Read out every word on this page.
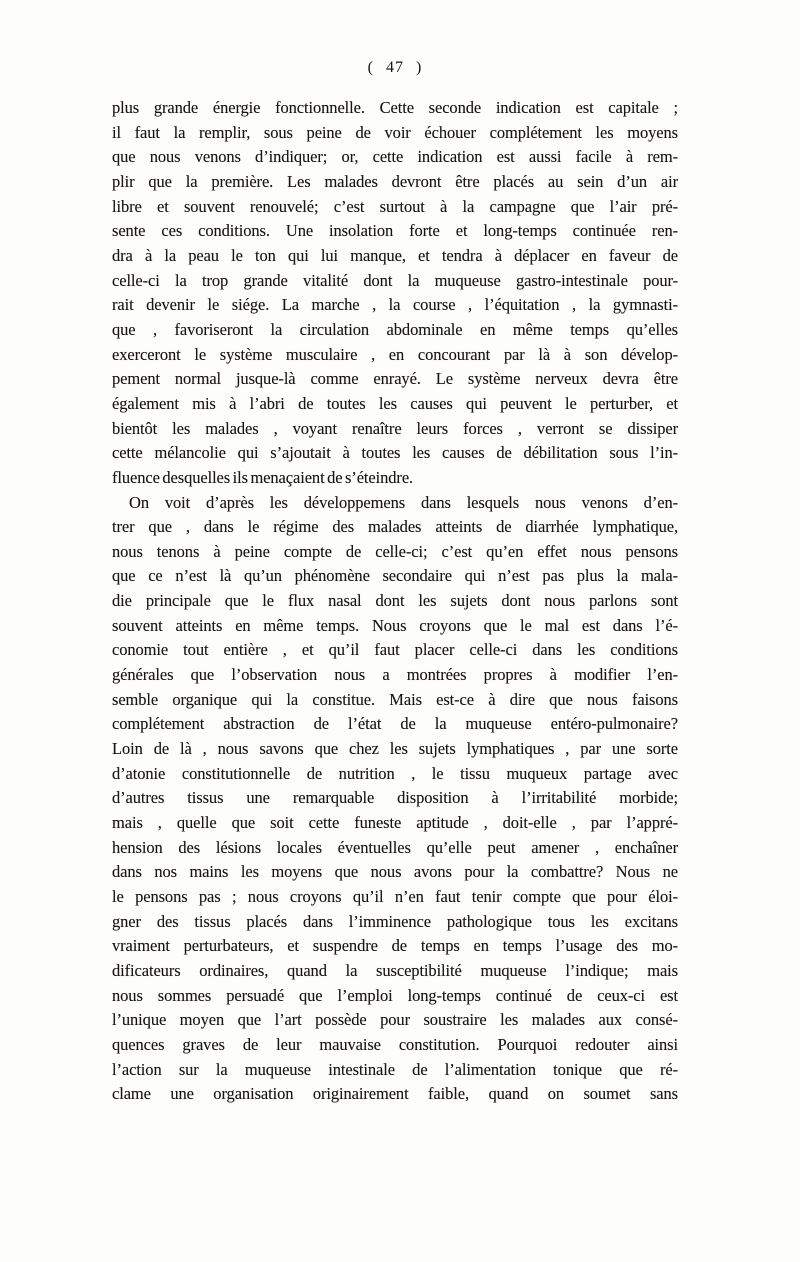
( 47 )
plus grande énergie fonctionnelle. Cette seconde indication est capitale ;
il faut la remplir, sous peine de voir échouer complétement les moyens
que nous venons d’indiquer; or, cette indication est aussi facile à rem-
plir que la première. Les malades devront être placés au sein d’un air
libre et souvent renouvelé; c’est surtout à la campagne que l’air pré-
sente ces conditions. Une insolation forte et long-temps continuée ren-
dra à la peau le ton qui lui manque, et tendra à déplacer en faveur de
celle-ci la trop grande vitalité dont la muqueuse gastro-intestinale pour-
rait devenir le siége. La marche , la course , l’équitation , la gymnasti-
que , favoriseront la circulation abdominale en même temps qu’elles
exerceront le système musculaire , en concourant par là à son dévelop-
pement normal jusque-là comme enrayé. Le système nerveux devra être
également mis à l’abri de toutes les causes qui peuvent le perturber, et
bientôt les malades , voyant renaître leurs forces , verront se dissiper
cette mélancolie qui s’ajoutait à toutes les causes de débilitation sous l’in-
fluence desquelles ils menaçaient de s’éteindre.
On voit d’après les développemens dans lesquels nous venons d’en-
trer que , dans le régime des malades atteints de diarrhée lymphatique,
nous tenons à peine compte de celle-ci; c’est qu’en effet nous pensons
que ce n’est là qu’un phénomène secondaire qui n’est pas plus la mala-
die principale que le flux nasal dont les sujets dont nous parlons sont
souvent atteints en même temps. Nous croyons que le mal est dans l’é-
conomie tout entière , et qu’il faut placer celle-ci dans les conditions
générales que l’observation nous a montrées propres à modifier l’en-
semble organique qui la constitue. Mais est-ce à dire que nous faisons
complétement abstraction de l’état de la muqueuse entéro-pulmonaire?
Loin de là , nous savons que chez les sujets lymphatiques , par une sorte
d’atonie constitutionnelle de nutrition , le tissu muqueux partage avec
d’autres tissus une remarquable disposition à l’irritabilité morbide;
mais , quelle que soit cette funeste aptitude , doit-elle , par l’appré-
hension des lésions locales éventuelles qu’elle peut amener , enchaîner
dans nos mains les moyens que nous avons pour la combattre? Nous ne
le pensons pas ; nous croyons qu’il n’en faut tenir compte que pour éloi-
gner des tissus placés dans l’imminence pathologique tous les excitans
vraiment perturbateurs, et suspendre de temps en temps l’usage des mo-
dificateurs ordinaires, quand la susceptibilité muqueuse l’indique; mais
nous sommes persuadé que l’emploi long-temps continué de ceux-ci est
l’unique moyen que l’art possède pour soustraire les malades aux consé-
quences graves de leur mauvaise constitution. Pourquoi redouter ainsi
l’action sur la muqueuse intestinale de l’alimentation tonique que ré-
clame une organisation originairement faible, quand on soumet sans
